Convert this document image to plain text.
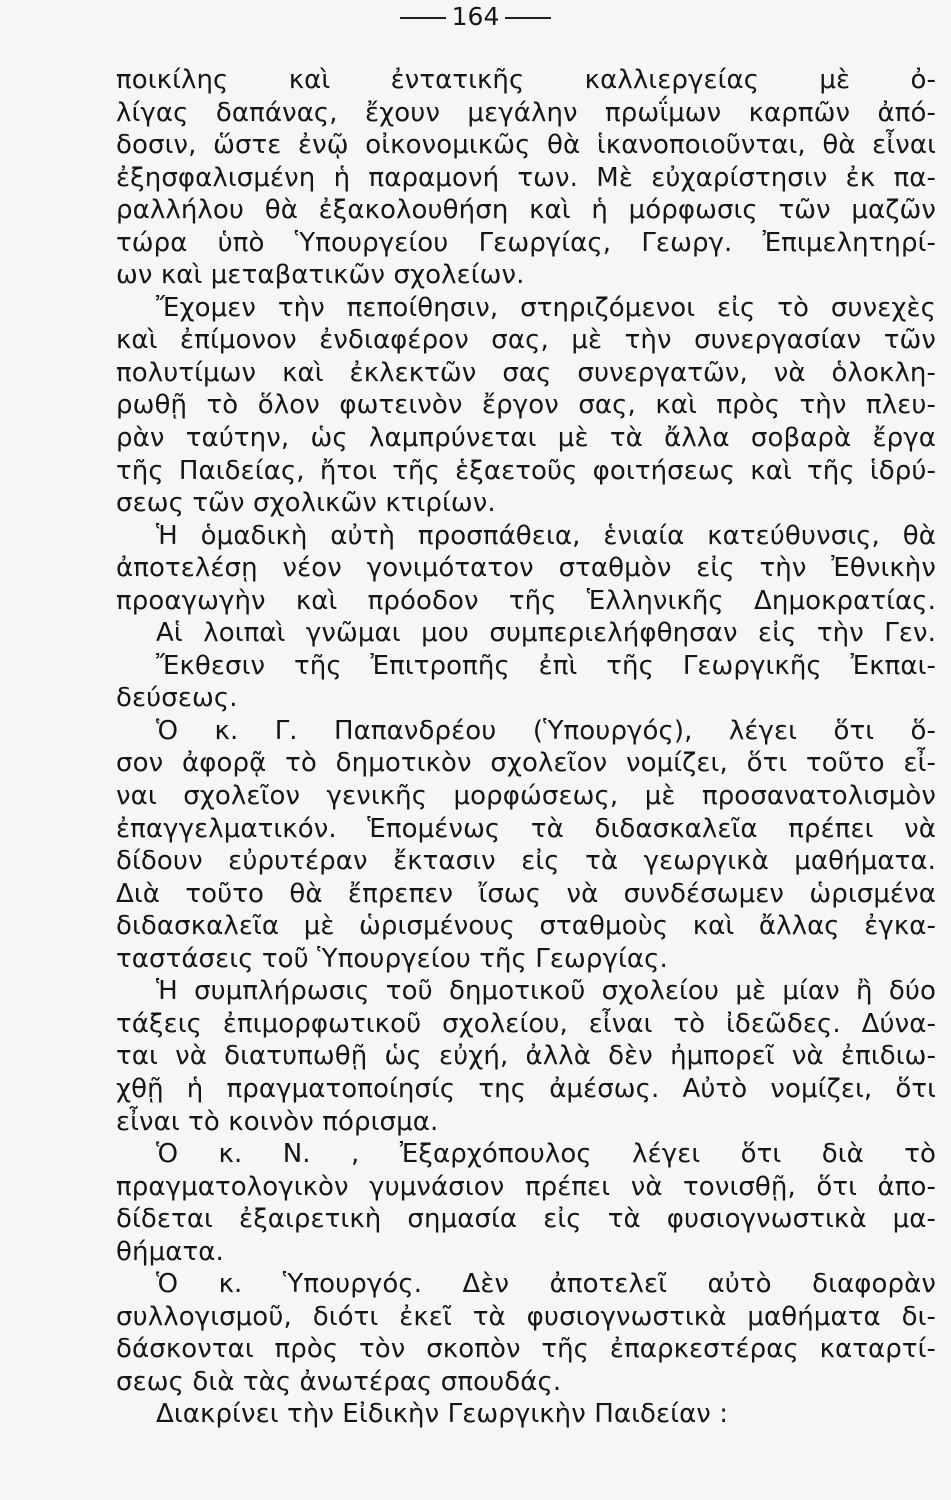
164
ποικίλης καὶ ἐντατικῆς καλλιεργείας μὲ ὀ-
λίγας δαπάνας, ἔχουν μεγάλην πρωΐμων καρπῶν ἀπό-
δοσιν, ὥστε ἐνῷ οἰκονομικῶς θὰ ἱκανοποιοῦνται, θὰ εἶναι
ἐξησφαλισμένη ἡ παραμονή των. Μὲ εὐχαρίστησιν ἐκ πα-
ραλλήλου θὰ ἐξακολουθήση καὶ ἡ μόρφωσις τῶν μαζῶν
τώρα ὑπὸ Ὑπουργείου Γεωργίας, Γεωργ. Ἐπιμελητηρί-
ων καὶ μεταβατικῶν σχολείων.
Ἔχομεν τὴν πεποίθησιν, στηριζόμενοι εἰς τὸ συνεχὲς
καὶ ἐπίμονον ἐνδιαφέρον σας, μὲ τὴν συνεργασίαν τῶν
πολυτίμων καὶ ἐκλεκτῶν σας συνεργατῶν, νὰ ὁλοκλη-
ρωθῇ τὸ ὅλον φωτεινὸν ἔργον σας, καὶ πρὸς τὴν πλευ-
ρὰν ταύτην, ὡς λαμπρύνεται μὲ τὰ ἄλλα σοβαρὰ ἔργα
τῆς Παιδείας, ἤτοι τῆς ἑξαετοῦς φοιτήσεως καὶ τῆς ἱδρύ-
σεως τῶν σχολικῶν κτιρίων.
Ἡ ὁμαδικὴ αὐτὴ προσπάθεια, ἑνιαία κατεύθυνσις, θὰ
ἀποτελέσῃ νέον γονιμότατον σταθμὸν εἰς τὴν Ἐθνικὴν
προαγωγὴν καὶ πρόοδον τῆς Ἑλληνικῆς Δημοκρατίας.
Αἱ λοιπαὶ γνῶμαι μου συμπεριελήφθησαν εἰς τὴν Γεν.
Ἔκθεσιν τῆς Ἐπιτροπῆς ἐπὶ τῆς Γεωργικῆς Ἐκπαι-
δεύσεως.
Ὁ κ. Γ. Παπανδρέου (Ὑπουργός), λέγει ὅτι ὅ-
σον ἀφορᾷ τὸ δημοτικὸν σχολεῖον νομίζει, ὅτι τοῦτο εἶ-
ναι σχολεῖον γενικῆς μορφώσεως, μὲ προσανατολισμὸν
ἐπαγγελματικόν. Ἑπομένως τὰ διδασκαλεῖα πρέπει νὰ
δίδουν εὐρυτέραν ἔκτασιν εἰς τὰ γεωργικὰ μαθήματα.
Διὰ τοῦτο θὰ ἔπρεπεν ἴσως νὰ συνδέσωμεν ὡρισμένα
διδασκαλεῖα μὲ ὡρισμένους σταθμοὺς καὶ ἄλλας ἐγκα-
ταστάσεις τοῦ Ὑπουργείου τῆς Γεωργίας.
Ἡ συμπλήρωσις τοῦ δημοτικοῦ σχολείου μὲ μίαν ἢ δύο
τάξεις ἐπιμορφωτικοῦ σχολείου, εἶναι τὸ ἰδεῶδες. Δύνα-
ται νὰ διατυπωθῇ ὡς εὐχή, ἀλλὰ δὲν ἠμπορεῖ νὰ ἐπιδιω-
χθῇ ἡ πραγματοποίησίς της ἀμέσως. Αὐτὸ νομίζει, ὅτι
εἶναι τὸ κοινὸν πόρισμα.
Ὁ κ. Ν. , Ἐξαρχόπουλος λέγει ὅτι διὰ τὸ
πραγματολογικὸν γυμνάσιον πρέπει νὰ τονισθῇ, ὅτι ἀπο-
δίδεται ἐξαιρετικὴ σημασία εἰς τὰ φυσιογνωστικὰ μα-
θήματα.
Ὁ κ. Ὑπουργός. Δὲν ἀποτελεῖ αὐτὸ διαφορὰν
συλλογισμοῦ, διότι ἐκεῖ τὰ φυσιογνωστικὰ μαθήματα δι-
δάσκονται πρὸς τὸν σκοπὸν τῆς ἐπαρκεστέρας καταρτί-
σεως διὰ τὰς ἀνωτέρας σπουδάς.
Διακρίνει τὴν Εἰδικὴν Γεωργικὴν Παιδείαν :
